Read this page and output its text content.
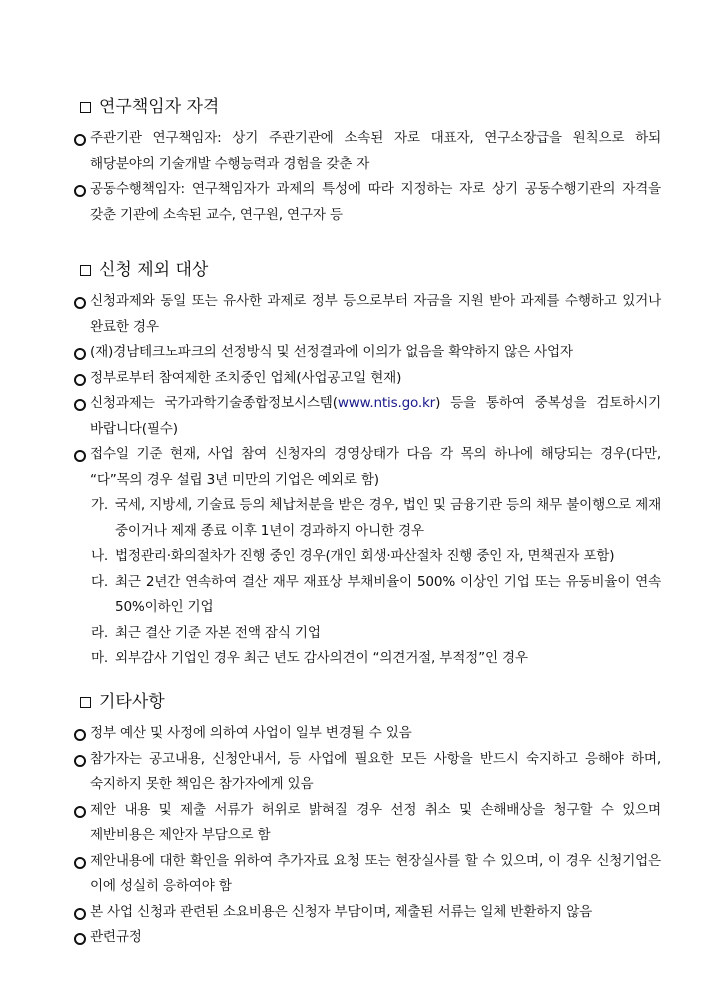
연구책임자 자격
주관기관 연구책임자: 상기 주관기관에 소속된 자로 대표자, 연구소장급을 원칙으로 하되 해당분야의 기술개발 수행능력과 경험을 갖춘 자
공동수행책임자: 연구책임자가 과제의 특성에 따라 지정하는 자로 상기 공동수행기관의 자격을 갖춘 기관에 소속된 교수, 연구원, 연구자 등
신청 제외 대상
신청과제와 동일 또는 유사한 과제로 정부 등으로부터 자금을 지원 받아 과제를 수행하고 있거나 완료한 경우
(재)경남테크노파크의 선정방식 및 선정결과에 이의가 없음을 확약하지 않은 사업자
정부로부터 참여제한 조치중인 업체(사업공고일 현재)
신청과제는 국가과학기술종합정보시스템(www.ntis.go.kr) 등을 통하여 중복성을 검토하시기 바랍니다(필수)
접수일 기준 현재, 사업 참여 신청자의 경영상태가 다음 각 목의 하나에 해당되는 경우(다만, “다”목의 경우 설립 3년 미만의 기업은 예외로 함)
가. 국세, 지방세, 기술료 등의 체납처분을 받은 경우, 법인 및 금융기관 등의 채무 불이행으로 제재 중이거나 제재 종료 이후 1년이 경과하지 아니한 경우
나. 법정관리·화의절차가 진행 중인 경우(개인 회생·파산절차 진행 중인 자, 면책권자 포함)
다. 최근 2년간 연속하여 결산 재무 재표상 부채비율이 500% 이상인 기업 또는 유동비율이 연속 50%이하인 기업
라. 최근 결산 기준 자본 전액 잠식 기업
마. 외부감사 기업인 경우 최근 년도 감사의견이 “의견거절, 부적정”인 경우
기타사항
정부 예산 및 사정에 의하여 사업이 일부 변경될 수 있음
참가자는 공고내용, 신청안내서, 등 사업에 필요한 모든 사항을 반드시 숙지하고 응해야 하며, 숙지하지 못한 책임은 참가자에게 있음
제안 내용 및 제출 서류가 허위로 밝혀질 경우 선정 취소 및 손해배상을 청구할 수 있으며 제반비용은 제안자 부담으로 함
제안내용에 대한 확인을 위하여 추가자료 요청 또는 현장실사를 할 수 있으며, 이 경우 신청기업은 이에 성실히 응하여야 함
본 사업 신청과 관련된 소요비용은 신청자 부담이며, 제출된 서류는 일체 반환하지 않음
관련규정
